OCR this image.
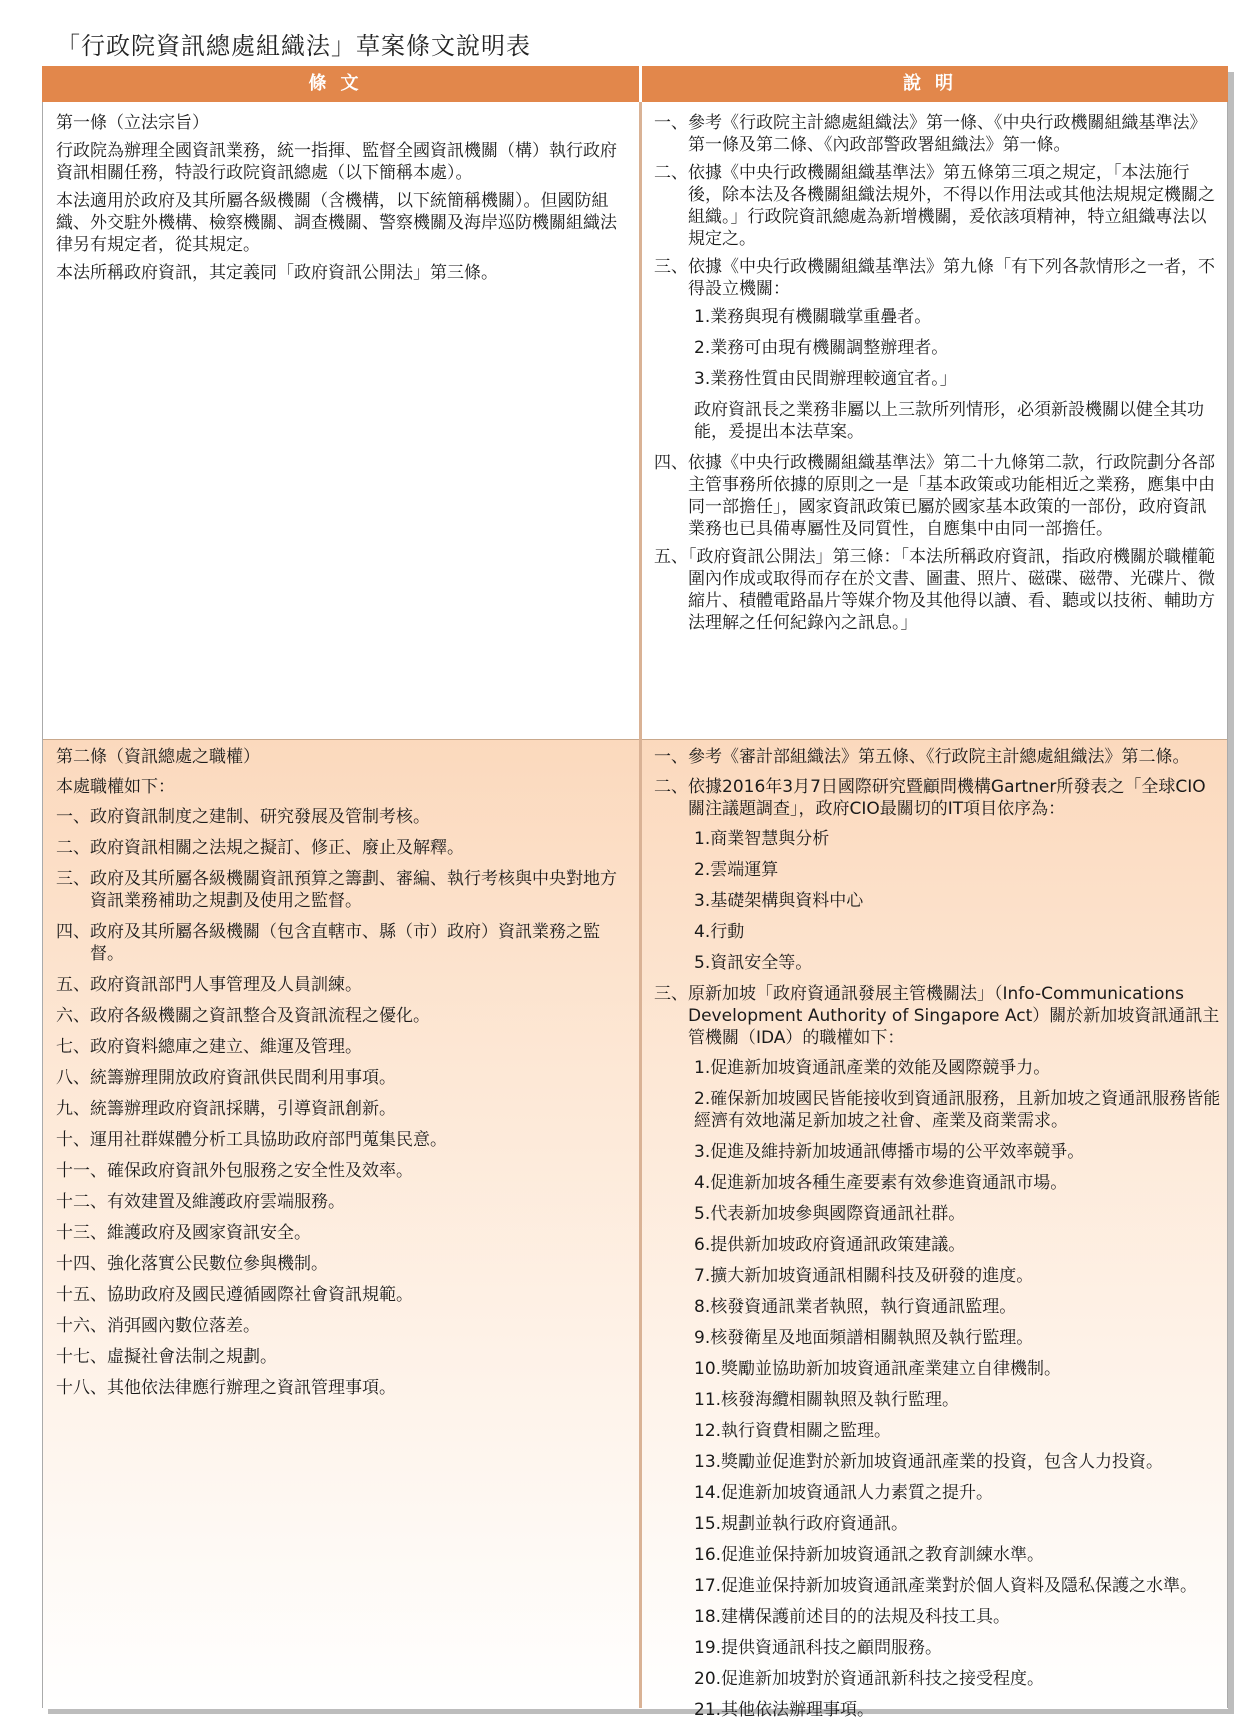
「行政院資訊總處組織法」草案條文說明表
條文	說明

第一條（立法宗旨）

行政院為辦理全國資訊業務，統一指揮、監督全國資訊機關（構）執行政府資訊相關任務，特設行政院資訊總處（以下簡稱本處）。

本法適用於政府及其所屬各級機關（含機構，以下統簡稱機關）。但國防組織、外交駐外機構、檢察機關、調查機關、警察機關及海岸巡防機關組織法律另有規定者，從其規定。

本法所稱政府資訊，其定義同「政府資訊公開法」第三條。

一、參考《行政院主計總處組織法》第一條、《中央行政機關組織基準法》第一條及第二條、《內政部警政署組織法》第一條。

二、依據《中央行政機關組織基準法》第五條第三項之規定，「本法施行後，除本法及各機關組織法規外，不得以作用法或其他法規規定機關之組織。」行政院資訊總處為新增機關，爰依該項精神，特立組織專法以規定之。

三、依據《中央行政機關組織基準法》第九條「有下列各款情形之一者，不得設立機關：

1.業務與現有機關職掌重疊者。

2.業務可由現有機關調整辦理者。

3.業務性質由民間辦理較適宜者。」

政府資訊長之業務非屬以上三款所列情形，必須新設機關以健全其功能，爰提出本法草案。

四、依據《中央行政機關組織基準法》第二十九條第二款，行政院劃分各部主管事務所依據的原則之一是「基本政策或功能相近之業務，應集中由同一部擔任」，國家資訊政策已屬於國家基本政策的一部份，政府資訊業務也已具備專屬性及同質性，自應集中由同一部擔任。

五、「政府資訊公開法」第三條：「本法所稱政府資訊，指政府機關於職權範圍內作成或取得而存在於文書、圖畫、照片、磁碟、磁帶、光碟片、微縮片、積體電路晶片等媒介物及其他得以讀、看、聽或以技術、輔助方法理解之任何紀錄內之訊息。」

第二條（資訊總處之職權）

本處職權如下：

一、政府資訊制度之建制、研究發展及管制考核。

二、政府資訊相關之法規之擬訂、修正、廢止及解釋。

三、政府及其所屬各級機關資訊預算之籌劃、審編、執行考核與中央對地方資訊業務補助之規劃及使用之監督。

四、政府及其所屬各級機關（包含直轄市、縣（市）政府）資訊業務之監督。

五、政府資訊部門人事管理及人員訓練。

六、政府各級機關之資訊整合及資訊流程之優化。

七、政府資料總庫之建立、維運及管理。

八、統籌辦理開放政府資訊供民間利用事項。

九、統籌辦理政府資訊採購，引導資訊創新。

十、運用社群媒體分析工具協助政府部門蒐集民意。

十一、確保政府資訊外包服務之安全性及效率。

十二、有效建置及維護政府雲端服務。

十三、維護政府及國家資訊安全。

十四、強化落實公民數位參與機制。

十五、協助政府及國民遵循國際社會資訊規範。

十六、消弭國內數位落差。

十七、虛擬社會法制之規劃。

十八、其他依法律應行辦理之資訊管理事項。

一、參考《審計部組織法》第五條、《行政院主計總處組織法》第二條。

二、依據2016年3月7日國際研究暨顧問機構Gartner所發表之「全球CIO關注議題調查」，政府CIO最關切的IT項目依序為：

1.商業智慧與分析

2.雲端運算

3.基礎架構與資料中心

4.行動

5.資訊安全等。

三、原新加坡「政府資通訊發展主管機關法」（Info-Communications Development Authority of Singapore Act）關於新加坡資訊通訊主管機關（IDA）的職權如下：

1.促進新加坡資通訊產業的效能及國際競爭力。

2.確保新加坡國民皆能接收到資通訊服務，且新加坡之資通訊服務皆能經濟有效地滿足新加坡之社會、產業及商業需求。

3.促進及維持新加坡通訊傳播市場的公平效率競爭。

4.促進新加坡各種生產要素有效參進資通訊市場。

5.代表新加坡參與國際資通訊社群。

6.提供新加坡政府資通訊政策建議。

7.擴大新加坡資通訊相關科技及研發的進度。

8.核發資通訊業者執照，執行資通訊監理。

9.核發衛星及地面頻譜相關執照及執行監理。

10.獎勵並協助新加坡資通訊產業建立自律機制。

11.核發海纜相關執照及執行監理。

12.執行資費相關之監理。

13.獎勵並促進對於新加坡資通訊產業的投資，包含人力投資。

14.促進新加坡資通訊人力素質之提升。

15.規劃並執行政府資通訊。

16.促進並保持新加坡資通訊之教育訓練水準。

17.促進並保持新加坡資通訊產業對於個人資料及隱私保護之水準。

18.建構保護前述目的的法規及科技工具。

19.提供資通訊科技之顧問服務。

20.促進新加坡對於資通訊新科技之接受程度。

21.其他依法辦理事項。
